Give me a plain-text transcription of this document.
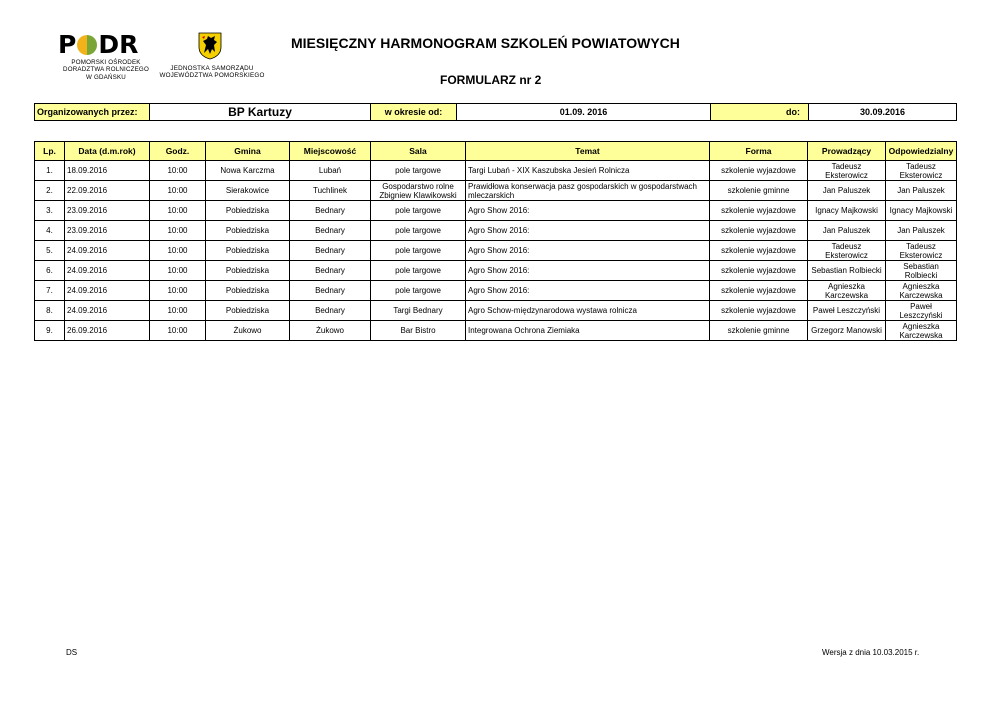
P DR
POMORSKI OŚRODEK
DORADZTWA ROLNICZEGO
W GDAŃSKU
JEDNOSTKA SAMORZĄDU
WOJEWÓDZTWA POMORSKIEGO
MIESIĘCZNY HARMONOGRAM SZKOLEŃ POWIATOWYCH
FORMULARZ nr 2
Organizowanych przez:	BP Kartuzy	w okresie od:	01.09. 2016	do:	30.09.2016
Lp.	Data (d.m.rok)	Godz.	Gmina	Miejscowość	Sala	Temat	Forma	Prowadzący	Odpowiedzialny
1.	18.09.2016	10:00	Nowa Karczma	Lubań	pole targowe	Targi Lubań - XIX Kaszubska Jesień Rolnicza	szkolenie wyjazdowe	Tadeusz Eksterowicz	Tadeusz Eksterowicz
2.	22.09.2016	10:00	Sierakowice	Tuchlinek	Gospodarstwo rolne Zbigniew Klawikowski	Prawidłowa konserwacja pasz gospodarskich w gospodarstwach mleczarskich	szkolenie gminne	Jan Paluszek	Jan Paluszek
3.	23.09.2016	10:00	Pobiedziska	Bednary	pole targowe	Agro Show 2016:	szkolenie wyjazdowe	Ignacy Majkowski	Ignacy Majkowski
4.	23.09.2016	10:00	Pobiedziska	Bednary	pole targowe	Agro Show 2016:	szkolenie wyjazdowe	Jan Paluszek	Jan Paluszek
5.	24.09.2016	10:00	Pobiedziska	Bednary	pole targowe	Agro Show 2016:	szkolenie wyjazdowe	Tadeusz Eksterowicz	Tadeusz Eksterowicz
6.	24.09.2016	10:00	Pobiedziska	Bednary	pole targowe	Agro Show 2016:	szkolenie wyjazdowe	Sebastian Rolbiecki	Sebastian Rolbiecki
7.	24.09.2016	10:00	Pobiedziska	Bednary	pole targowe	Agro Show 2016:	szkolenie wyjazdowe	Agnieszka Karczewska	Agnieszka Karczewska
8.	24.09.2016	10:00	Pobiedziska	Bednary	Targi Bednary	Agro Schow-międzynarodowa wystawa rolnicza	szkolenie wyjazdowe	Paweł Leszczyński	Paweł Leszczyński
9.	26.09.2016	10:00	Żukowo	Żukowo	Bar Bistro	Integrowana Ochrona Ziemiaka	szkolenie gminne	Grzegorz Manowski	Agnieszka Karczewska
DS	Wersja z dnia 10.03.2015 r.
